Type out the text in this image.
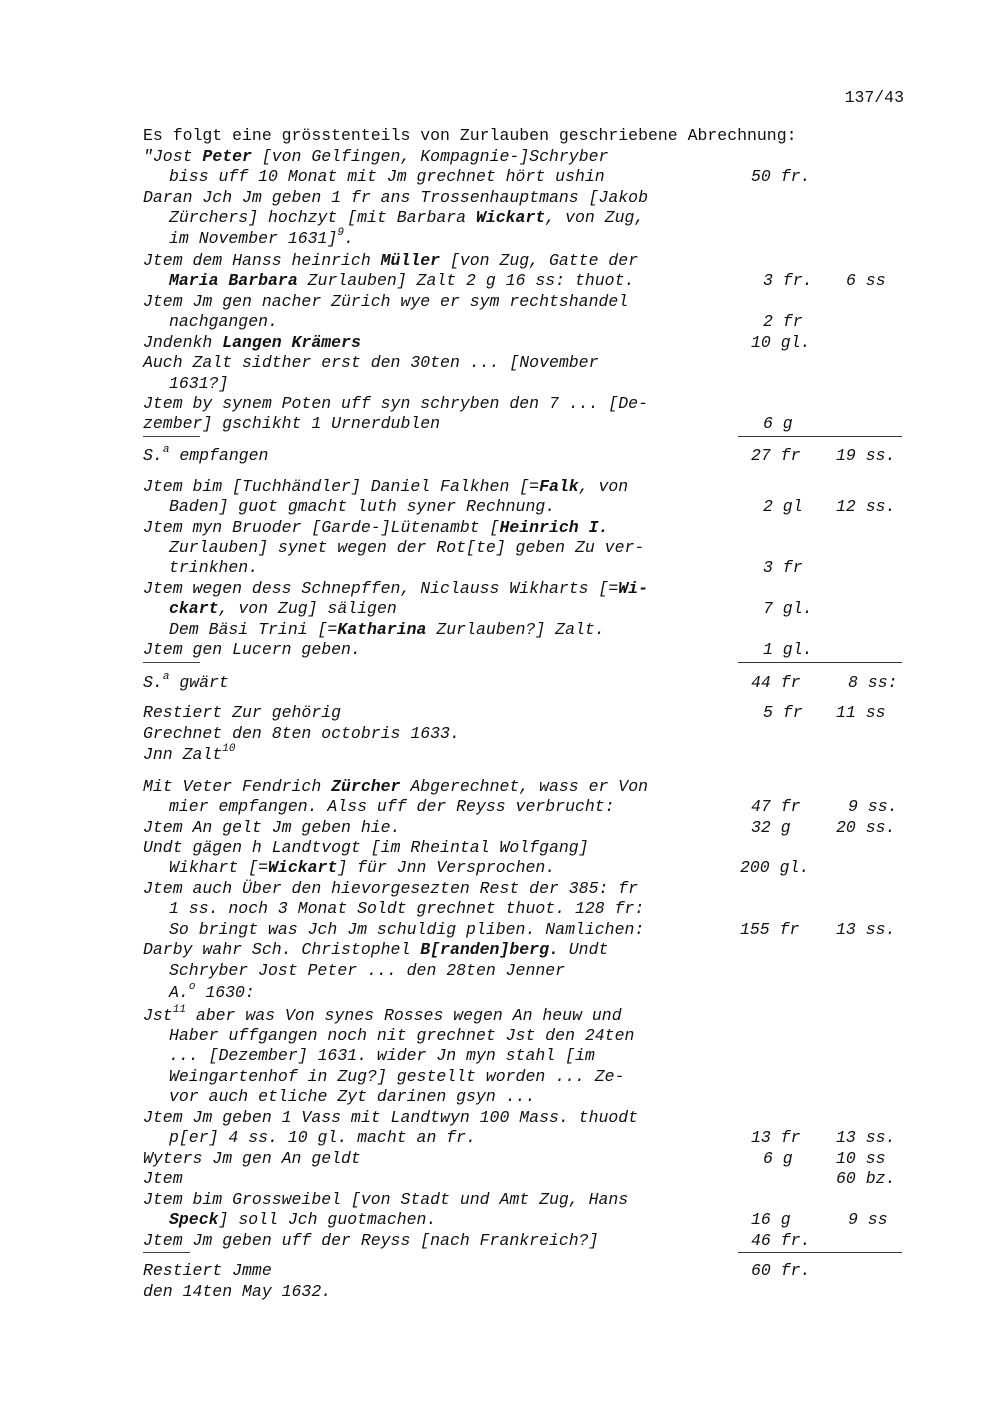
137/43
Es folgt eine grösstenteils von Zurlauben geschriebene Abrechnung:
"Jost Peter [von Gelfingen, Kompagnie-]Schryber
biss uff 10 Monat mit Jm grechnet hört ushin	50 fr.
Daran Jch Jm geben 1 fr ans Trossenhauptmans [Jakob
Zürchers] hochzyt [mit Barbara Wickart, von Zug,
im November 1631]$^9$.
Jtem dem Hanss heinrich Müller [von Zug, Gatte der
Maria Barbara Zurlauben] Zalt 2 g 16 ss: thuot.	3 fr. 6 ss
Jtem Jm gen nacher Zürich wye er sym rechtshandel
nachgangen.	2 fr
Jndenkh Langen Krämers	10 gl.
Auch Zalt sidther erst den 30ten ... [November
1631?]
Jtem by synem Poten uff syn schryben den 7 ... [De-
zember] gschikht 1 Urnerdublen	6 g
S.$^a$ empfangen	27 fr 19 ss.
Jtem bim [Tuchhändler] Daniel Falkhen [=Falk, von
Baden] guot gmacht luth syner Rechnung.	2 gl 12 ss.
Jtem myn Bruoder [Garde-]Lütenambt [Heinrich I.
Zurlauben] synet wegen der Rot[te] geben Zu ver-
trinkhen.	3 fr
Jtem wegen dess Schnepffen, Niclauss Wikharts [=Wi-
ckart, von Zug] säligen	7 gl.
Dem Bäsi Trini [=Katharina Zurlauben?] Zalt.
Jtem gen Lucern geben.	1 gl.
S.$^a$ gwärt	44 fr	8 ss:
Restiert Zur gehörig	5 fr 11 ss
Grechnet den 8ten octobris 1633.
Jnn Zalt$^{10}$
Mit Veter Fendrich Zürcher Abgerechnet, wass er Von
mier empfangen. Alss uff der Reyss verbrucht:	47 fr	9 ss.
Jtem An gelt Jm geben hie.	32 g	20 ss.
Undt gägen h Landtvogt [im Rheintal Wolfgang]
Wikhart [=Wickart] für Jnn Versprochen.	200 gl.
Jtem auch Über den hievorgesezten Rest der 385: fr
1 ss. noch 3 Monat Soldt grechnet thuot. 128 fr:
So bringt was Jch Jm schuldig pliben. Namlichen:	155 fr 13 ss.
Darby wahr Sch. Christophel B[randen]berg. Undt
Schryber Jost Peter ... den 28ten Jenner
A.$^o$ 1630:
Jst$^{11}$ aber was Von synes Rosses wegen An heuw und
Haber uffgangen noch nit grechnet Jst den 24ten
... [Dezember] 1631. wider Jn myn stahl [im
Weingartenhof in Zug?] gestellt worden ... Ze-
vor auch etliche Zyt darinen gsyn ...
Jtem Jm geben 1 Vass mit Landtwyn 100 Mass. thuodt
p[er] 4 ss. 10 gl. macht an fr.	13 fr 13 ss.
Wyters Jm gen An geldt	6 g	10 ss
Jtem	60 bz.
Jtem bim Grossweibel [von Stadt und Amt Zug, Hans
Speck] soll Jch guotmachen.	16 g	9 ss
Jtem Jm geben uff der Reyss [nach Frankreich?]	46 fr.
Restiert Jmme	60 fr.
den 14ten May 1632.
